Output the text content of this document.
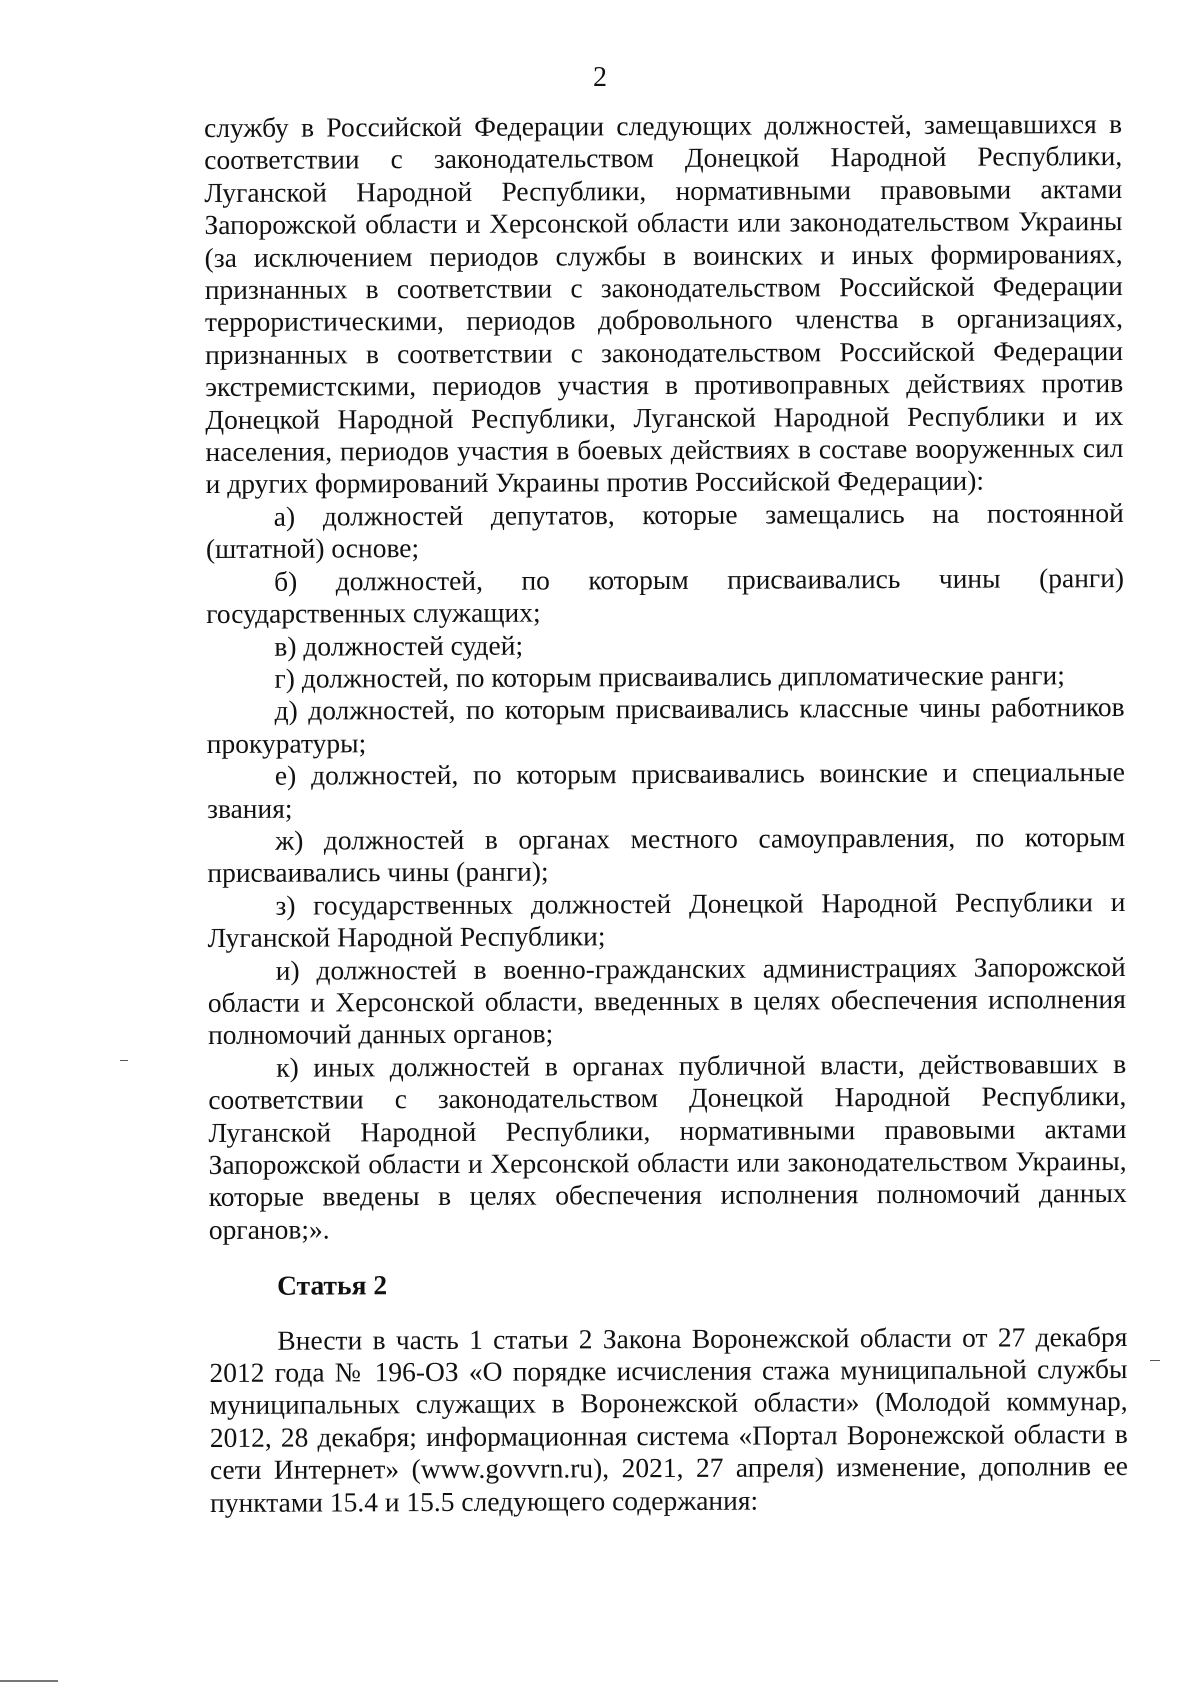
2

службу в Российской Федерации следующих должностей, замещавшихся в соответствии с законодательством Донецкой Народной Республики, Луганской Народной Республики, нормативными правовыми актами Запорожской области и Херсонской области или законодательством Украины (за исключением периодов службы в воинских и иных формированиях, признанных в соответствии с законодательством Российской Федерации террористическими, периодов добровольного членства в организациях, признанных в соответствии с законодательством Российской Федерации экстремистскими, периодов участия в противоправных действиях против Донецкой Народной Республики, Луганской Народной Республики и их населения, периодов участия в боевых действиях в составе вооруженных сил и других формирований Украины против Российской Федерации):

а) должностей депутатов, которые замещались на постоянной (штатной) основе;

б) должностей, по которым присваивались чины (ранги) государственных служащих;

в) должностей судей;

г) должностей, по которым присваивались дипломатические ранги;

д) должностей, по которым присваивались классные чины работников прокуратуры;

е) должностей, по которым присваивались воинские и специальные звания;

ж) должностей в органах местного самоуправления, по которым присваивались чины (ранги);

з) государственных должностей Донецкой Народной Республики и Луганской Народной Республики;

и) должностей в военно-гражданских администрациях Запорожской области и Херсонской области, введенных в целях обеспечения исполнения полномочий данных органов;

к) иных должностей в органах публичной власти, действовавших в соответствии с законодательством Донецкой Народной Республики, Луганской Народной Республики, нормативными правовыми актами Запорожской области и Херсонской области или законодательством Украины, которые введены в целях обеспечения исполнения полномочий данных органов;».

Статья 2

Внести в часть 1 статьи 2 Закона Воронежской области от 27 декабря 2012 года № 196-ОЗ «О порядке исчисления стажа муниципальной службы муниципальных служащих в Воронежской области» (Молодой коммунар, 2012, 28 декабря; информационная система «Портал Воронежской области в сети Интернет» (www.govvrn.ru), 2021, 27 апреля) изменение, дополнив ее пунктами 15.4 и 15.5 следующего содержания:
